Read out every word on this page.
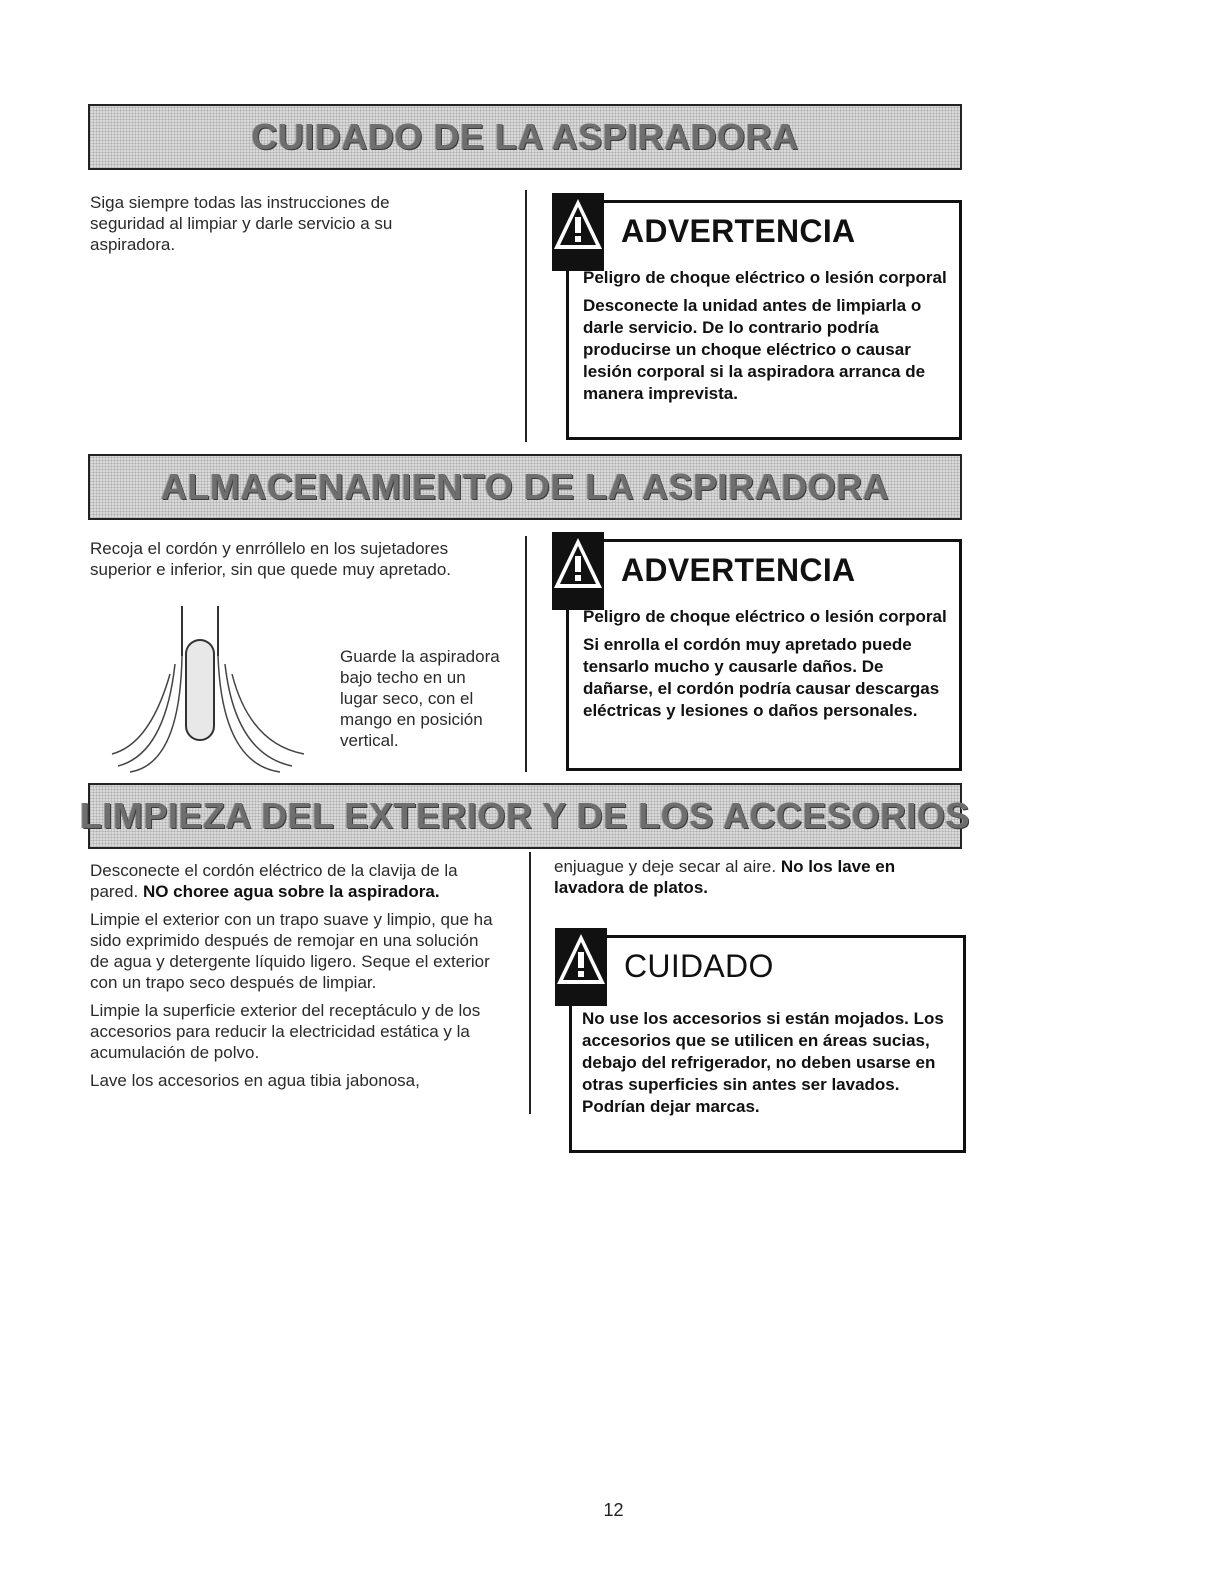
CUIDADO DE LA ASPIRADORA

Siga siempre todas las instrucciones de seguridad al limpiar y darle servicio a su aspiradora.	ADVERTENCIA

Peligro de choque eléctrico o lesión corporal

Desconecte la unidad antes de limpiarla o darle servicio. De lo contrario podría producirse un choque eléctrico o causar lesión corporal si la aspiradora arranca de manera imprevista.

ALMACENAMIENTO DE LA ASPIRADORA

Recoja el cordón y enrróllelo en los sujetadores superior e inferior, sin que quede muy apretado.

Guarde la aspiradora bajo techo en un lugar seco, con el mango en posición vertical.

ADVERTENCIA

Peligro de choque eléctrico o lesión corporal

Si enrolla el cordón muy apretado puede tensarlo mucho y causarle daños. De dañarse, el cordón podría causar descargas eléctricas y lesiones o daños personales.

LIMPIEZA DEL EXTERIOR Y DE LOS ACCESORIOS

Desconecte el cordón eléctrico de la clavija de la pared. NO choree agua sobre la aspiradora.

Limpie el exterior con un trapo suave y limpio, que ha sido exprimido después de remojar en una solución de agua y detergente líquido ligero. Seque el exterior con un trapo seco después de limpiar.

Limpie la superficie exterior del receptáculo y de los accesorios para reducir la electricidad estática y la acumulación de polvo.

Lave los accesorios en agua tibia jabonosa,

enjuague y deje secar al aire. No los lave en lavadora de platos.

CUIDADO

No use los accesorios si están mojados. Los accesorios que se utilicen en áreas sucias, debajo del refrigerador, no deben usarse en otras superficies sin antes ser lavados. Podrían dejar marcas.

12
